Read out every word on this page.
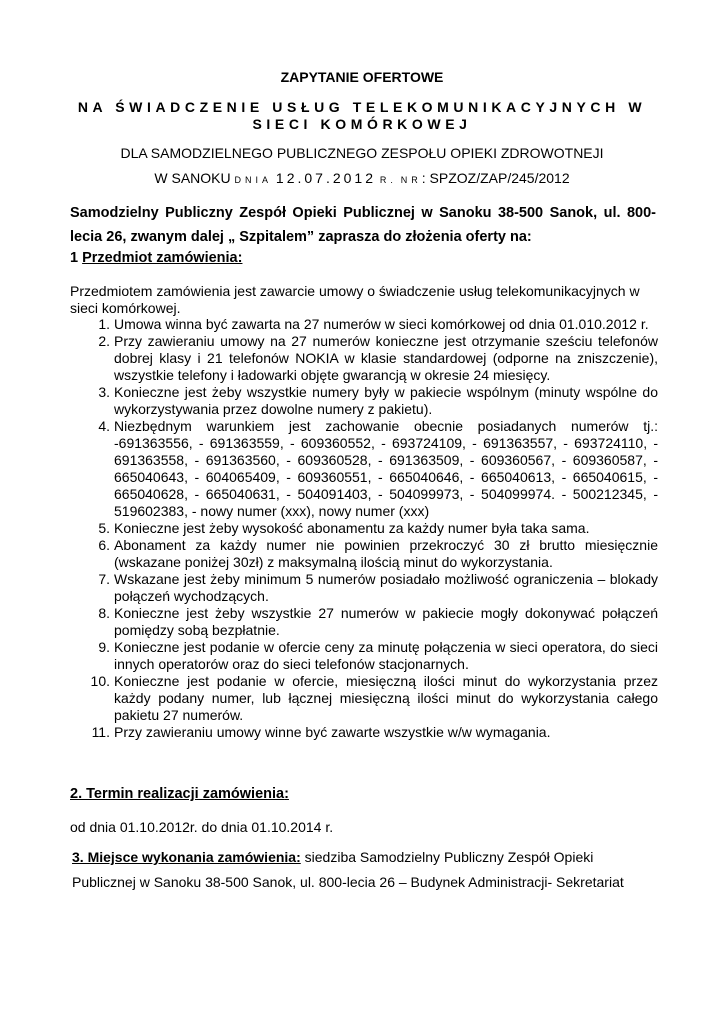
ZAPYTANIE OFERTOWE
NA ŚWIADCZENIE USŁUG TELEKOMUNIKACYJNYCH W SIECI KOMÓRKOWEJ
DLA SAMODZIELNEGO PUBLICZNEGO ZESPOŁU OPIEKI ZDROWOTNEJI
W SANOKU DNIA 12.07.2012 R. NR: SPZOZ/ZAP/245/2012
Samodzielny Publiczny Zespół Opieki Publicznej w Sanoku 38-500 Sanok, ul. 800-lecia 26, zwanym dalej „ Szpitalem” zaprasza do złożenia oferty na:
1 Przedmiot zamówienia:
Przedmiotem zamówienia jest zawarcie umowy o świadczenie usług telekomunikacyjnych w sieci komórkowej.
1. Umowa winna być zawarta na 27 numerów w sieci komórkowej od dnia 01.010.2012 r.
2. Przy zawieraniu umowy na 27 numerów konieczne jest otrzymanie sześciu telefonów dobrej klasy i 21 telefonów NOKIA w klasie standardowej (odporne na zniszczenie), wszystkie telefony i ładowarki objęte gwarancją w okresie 24 miesięcy.
3. Konieczne jest żeby wszystkie numery były w pakiecie wspólnym (minuty wspólne do wykorzystywania przez dowolne numery z pakietu).
4. Niezbędnym warunkiem jest zachowanie obecnie posiadanych numerów tj.: -691363556, - 691363559, - 609360552, - 693724109, - 691363557, - 693724110, - 691363558, - 691363560, - 609360528, - 691363509, - 609360567, - 609360587, - 665040643, - 604065409, - 609360551, - 665040646, - 665040613, - 665040615, - 665040628, - 665040631, - 504091403, - 504099973, - 504099974. - 500212345, - 519602383, - nowy numer (xxx), nowy numer (xxx)
5. Konieczne jest żeby wysokość abonamentu za każdy numer była taka sama.
6. Abonament za każdy numer nie powinien przekroczyć 30 zł brutto miesięcznie (wskazane poniżej 30zł) z maksymalną ilością minut do wykorzystania.
7. Wskazane jest żeby minimum 5 numerów posiadało możliwość ograniczenia – blokady połączeń wychodzących.
8. Konieczne jest żeby wszystkie 27 numerów w pakiecie mogły dokonywać połączeń pomiędzy sobą bezpłatnie.
9. Konieczne jest podanie w ofercie ceny za minutę połączenia w sieci operatora, do sieci innych operatorów oraz do sieci telefonów stacjonarnych.
10. Konieczne jest podanie w ofercie, miesięczną ilości minut do wykorzystania przez każdy podany numer, lub łącznej miesięczną ilości minut do wykorzystania całego pakietu 27 numerów.
11. Przy zawieraniu umowy winne być zawarte wszystkie w/w wymagania.
2. Termin realizacji zamówienia:
od dnia 01.10.2012r. do dnia 01.10.2014 r.
3. Miejsce wykonania zamówienia: siedziba Samodzielny Publiczny Zespół Opieki Publicznej w Sanoku 38-500 Sanok, ul. 800-lecia 26 – Budynek Administracji- Sekretariat
